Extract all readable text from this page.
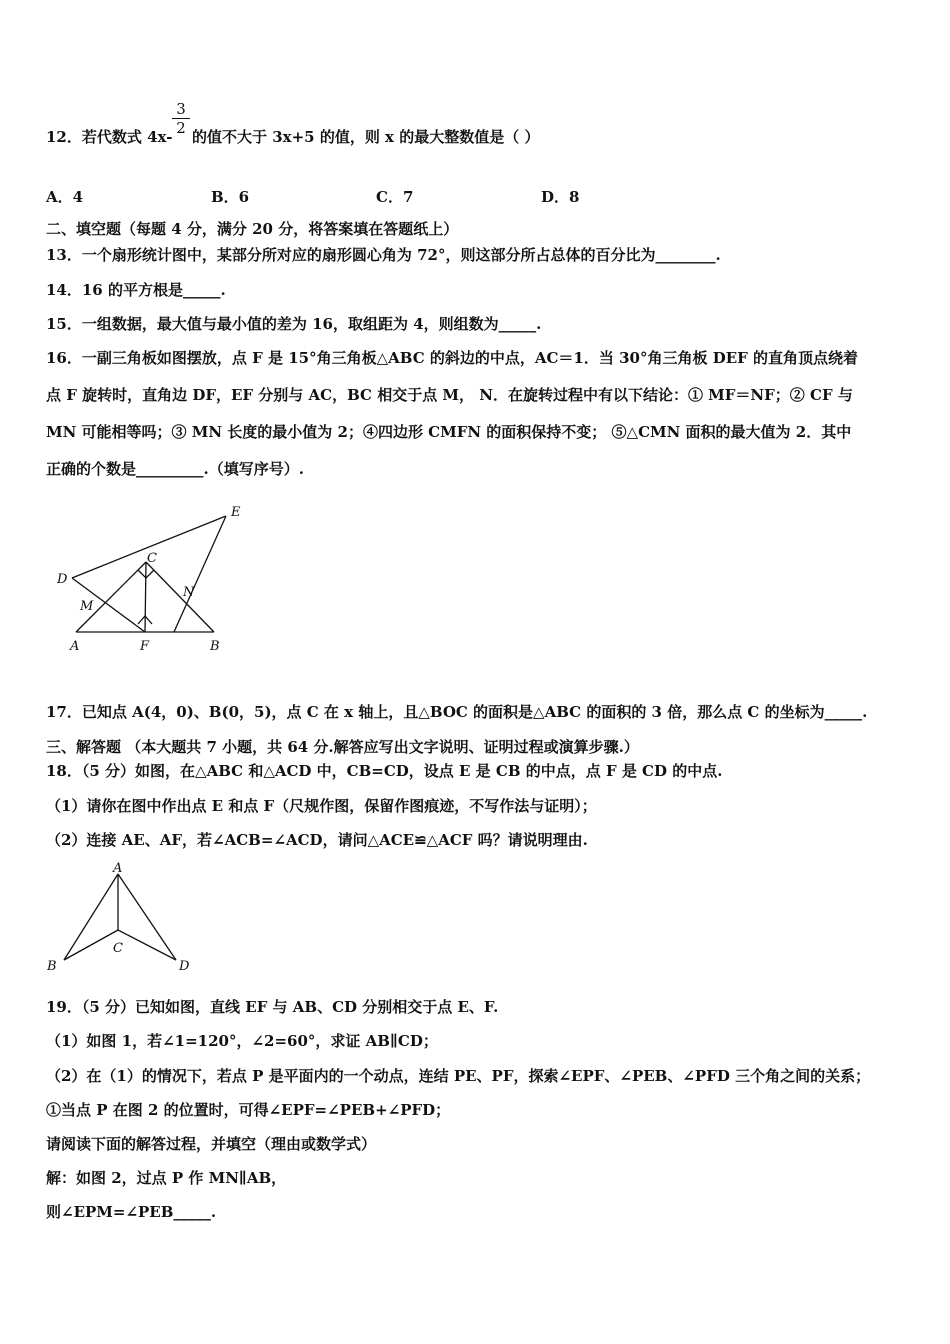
3
2
12．若代数式 4x- 的值不大于 3x+5 的值，则 x 的最大整数值是（ ）
A．4	B．6	C．7	D．8
二、填空题（每题 4 分，满分 20 分，将答案填在答题纸上）
13．一个扇形统计图中，某部分所对应的扇形圆心角为 72°，则这部分所占总体的百分比为________.
14．16 的平方根是_____.
15．一组数据，最大值与最小值的差为 16，取组距为 4，则组数为_____.
16．一副三角板如图摆放，点 F 是 15°角三角板△ABC 的斜边的中点，AC＝1．当 30°角三角板 DEF 的直角顶点绕着
点 F 旋转时，直角边 DF，EF 分别与 AC，BC 相交于点 M， N．在旋转过程中有以下结论：① MF＝NF；② CF 与
MN 可能相等吗；③ MN 长度的最小值为 2；④四边形 CMFN 的面积保持不变； ⑤△CMN 面积的最大值为 2．其中
正确的个数是_________.（填写序号）.
E
C
D
N
M
A	F	B
17．已知点 A(4，0)、B(0，5)，点 C 在 x 轴上，且△BOC 的面积是△ABC 的面积的 3 倍，那么点 C 的坐标为_____.
三、解答题 （本大题共 7 小题，共 64 分.解答应写出文字说明、证明过程或演算步骤.）
18．（5 分）如图，在△ABC 和△ACD 中，CB=CD，设点 E 是 CB 的中点，点 F 是 CD 的中点.
（1）请你在图中作出点 E 和点 F（尺规作图，保留作图痕迹，不写作法与证明）；
（2）连接 AE、AF，若∠ACB=∠ACD，请问△ACE≌△ACF 吗？请说明理由.
A
C
B	D
19．（5 分）已知如图，直线 EF 与 AB、CD 分别相交于点 E、F.
（1）如图 1，若∠1=120°，∠2=60°，求证 AB∥CD；
（2）在（1）的情况下，若点 P 是平面内的一个动点，连结 PE、PF，探索∠EPF、∠PEB、∠PFD 三个角之间的关系；
①当点 P 在图 2 的位置时，可得∠EPF=∠PEB+∠PFD；
请阅读下面的解答过程，并填空（理由或数学式）
解：如图 2，过点 P 作 MN∥AB，
则∠EPM=∠PEB_____.
